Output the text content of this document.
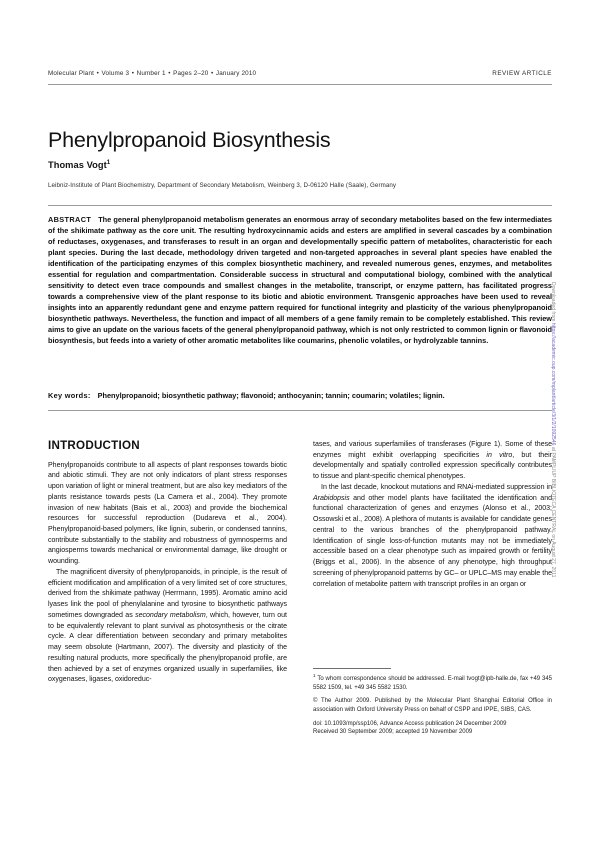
Molecular Plant • Volume 3 • Number 1 • Pages 2–20 • January 2010	REVIEW ARTICLE
Phenylpropanoid Biosynthesis
Thomas Vogt$^1$
Leibniz-Institute of Plant Biochemistry, Department of Secondary Metabolism, Weinberg 3, D-06120 Halle (Saale), Germany
ABSTRACT The general phenylpropanoid metabolism generates an enormous array of secondary metabolites based on the few intermediates of the shikimate pathway as the core unit. The resulting hydroxycinnamic acids and esters are amplified in several cascades by a combination of reductases, oxygenases, and transferases to result in an organ and developmentally specific pattern of metabolites, characteristic for each plant species. During the last decade, methodology driven targeted and non-targeted approaches in several plant species have enabled the identification of the participating enzymes of this complex biosynthetic machinery, and revealed numerous genes, enzymes, and metabolites essential for regulation and compartmentation. Considerable success in structural and computational biology, combined with the analytical sensitivity to detect even trace compounds and smallest changes in the metabolite, transcript, or enzyme pattern, has facilitated progress towards a comprehensive view of the plant response to its biotic and abiotic environment. Transgenic approaches have been used to reveal insights into an apparently redundant gene and enzyme pattern required for functional integrity and plasticity of the various phenylpropanoid biosynthetic pathways. Nevertheless, the function and impact of all members of a gene family remain to be completely established. This review aims to give an update on the various facets of the general phenylpropanoid pathway, which is not only restricted to common lignin or flavonoid biosynthesis, but feeds into a variety of other aromatic metabolites like coumarins, phenolic volatiles, or hydrolyzable tannins.
Key words: Phenylpropanoid; biosynthetic pathway; flavonoid; anthocyanin; tannin; coumarin; volatiles; lignin.
INTRODUCTION

Phenylpropanoids contribute to all aspects of plant responses towards biotic and abiotic stimuli. They are not only indicators of plant stress responses upon variation of light or mineral treatment, but are also key mediators of the plants resistance towards pests (La Camera et al., 2004). They promote invasion of new habitats (Bais et al., 2003) and provide the biochemical resources for successful reproduction (Dudareva et al., 2004). Phenylpropanoid-based polymers, like lignin, suberin, or condensed tannins, contribute substantially to the stability and robustness of gymnosperms and angiosperms towards mechanical or environmental damage, like drought or wounding.

The magnificent diversity of phenylpropanoids, in principle, is the result of efficient modification and amplification of a very limited set of core structures, derived from the shikimate pathway (Herrmann, 1995). Aromatic amino acid lyases link the pool of phenylalanine and tyrosine to biosynthetic pathways sometimes downgraded as secondary metabolism, which, however, turn out to be equivalently relevant to plant survival as photosynthesis or the citrate cycle. A clear differentiation between secondary and primary metabolites may seem obsolute (Hartmann, 2007). The diversity and plasticity of the resulting natural products, more specifically the phenylpropanoid profile, are then achieved by a set of enzymes organized usually in superfamilies, like oxygenases, ligases, oxidoreduc-

tases, and various superfamilies of transferases (Figure 1). Some of these enzymes might exhibit overlapping specificities in vitro, but their developmentally and spatially controlled expression specifically contributes to tissue and plant-specific chemical phenotypes.

In the last decade, knockout mutations and RNAi-mediated suppression in Arabidopsis and other model plants have facilitated the identification and functional characterization of genes and enzymes (Alonso et al., 2003; Ossowski et al., 2008). A plethora of mutants is available for candidate genes central to the various branches of the phenylpropanoid pathway. Identification of single loss-of-function mutants may not be immediately accessible based on a clear phenotype such as impaired growth or fertility (Briggs et al., 2006). In the absence of any phenotype, high throughput screening of phenylpropanoid patterns by GC– or UPLC–MS may enable the correlation of metabolite pattern with transcript profiles in an organ or

$^1$ To whom correspondence should be addressed. E-mail tvogt@ipb-halle.de, fax +49 345 5582 1509, tel. +49 345 5582 1530.

© The Author 2009. Published by the Molecular Plant Shanghai Editorial Office in association with Oxford University Press on behalf of CSPP and IPPE, SIBS, CAS.

doi: 10.1093/mp/ssp106, Advance Access publication 24 December 2009

Received 30 September 2009; accepted 19 November 2009

Downloaded from https://academic.oup.com/mplant/article/3/1/2/1092546 at PAMPLIUP BIBLIOTECA CENTRAL on August 27, 2011
